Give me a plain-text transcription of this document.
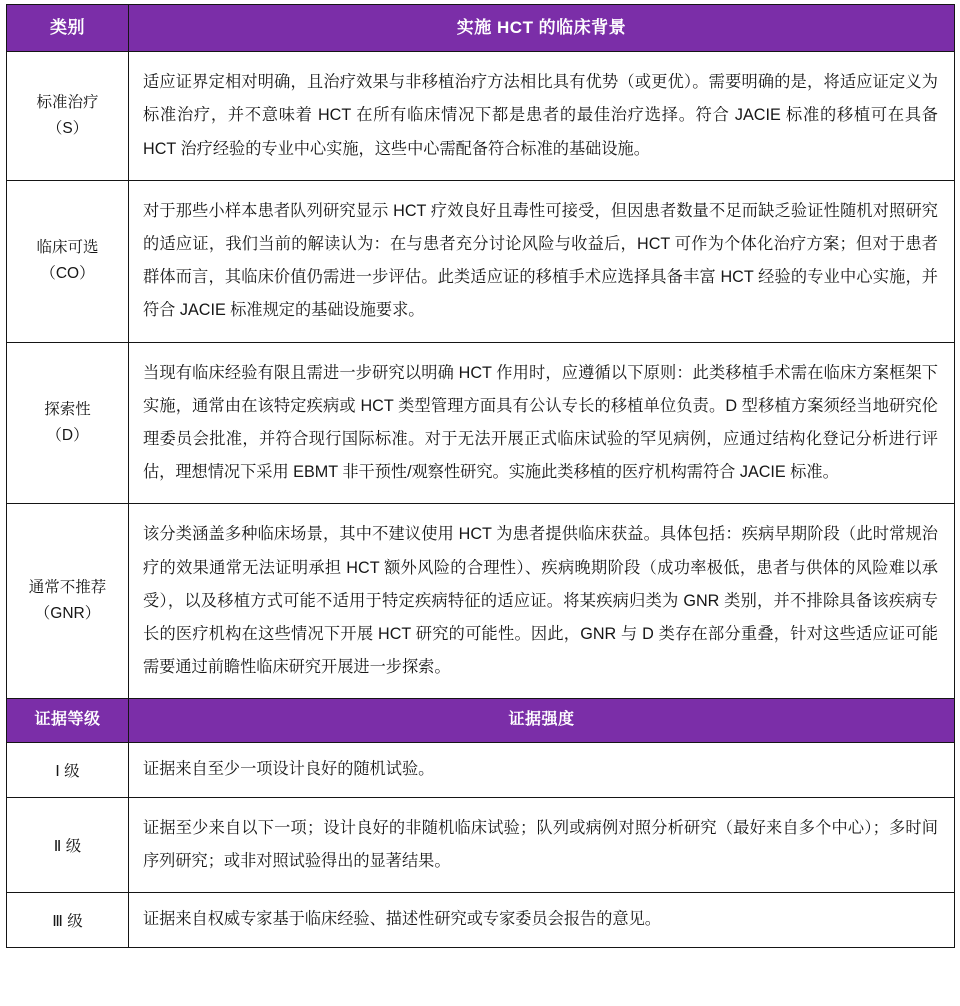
类别	实施 HCT 的临床背景

标准治疗
（S）	适应证界定相对明确，且治疗效果与非移植治疗方法相比具有优势（或更优）。需要明确的是，将适应证定义为标准治疗，并不意味着 HCT 在所有临床情况下都是患者的最佳治疗选择。符合 JACIE 标准的移植可在具备 HCT 治疗经验的专业中心实施，这些中心需配备符合标准的基础设施。

临床可选
（CO）	对于那些小样本患者队列研究显示 HCT 疗效良好且毒性可接受，但因患者数量不足而缺乏验证性随机对照研究的适应证，我们当前的解读认为：在与患者充分讨论风险与收益后，HCT 可作为个体化治疗方案；但对于患者群体而言，其临床价值仍需进一步评估。此类适应证的移植手术应选择具备丰富 HCT 经验的专业中心实施，并符合 JACIE 标准规定的基础设施要求。

探索性
（D）	当现有临床经验有限且需进一步研究以明确 HCT 作用时，应遵循以下原则：此类移植手术需在临床方案框架下实施，通常由在该特定疾病或 HCT 类型管理方面具有公认专长的移植单位负责。D 型移植方案须经当地研究伦理委员会批准，并符合现行国际标准。对于无法开展正式临床试验的罕见病例，应通过结构化登记分析进行评估，理想情况下采用 EBMT 非干预性/观察性研究。实施此类移植的医疗机构需符合 JACIE 标准。

通常不推荐
（GNR）	该分类涵盖多种临床场景，其中不建议使用 HCT 为患者提供临床获益。具体包括：疾病早期阶段（此时常规治疗的效果通常无法证明承担 HCT 额外风险的合理性）、疾病晚期阶段（成功率极低，患者与供体的风险难以承受），以及移植方式可能不适用于特定疾病特征的适应证。将某疾病归类为 GNR 类别，并不排除具备该疾病专长的医疗机构在这些情况下开展 HCT 研究的可能性。因此，GNR 与 D 类存在部分重叠，针对这些适应证可能需要通过前瞻性临床研究开展进一步探索。
证据等级	证据强度
Ⅰ 级	证据来自至少一项设计良好的随机试验。
Ⅱ 级	证据至少来自以下一项；设计良好的非随机临床试验；队列或病例对照分析研究（最好来自多个中心）；多时间序列研究；或非对照试验得出的显著结果。
Ⅲ 级	证据来自权威专家基于临床经验、描述性研究或专家委员会报告的意见。
